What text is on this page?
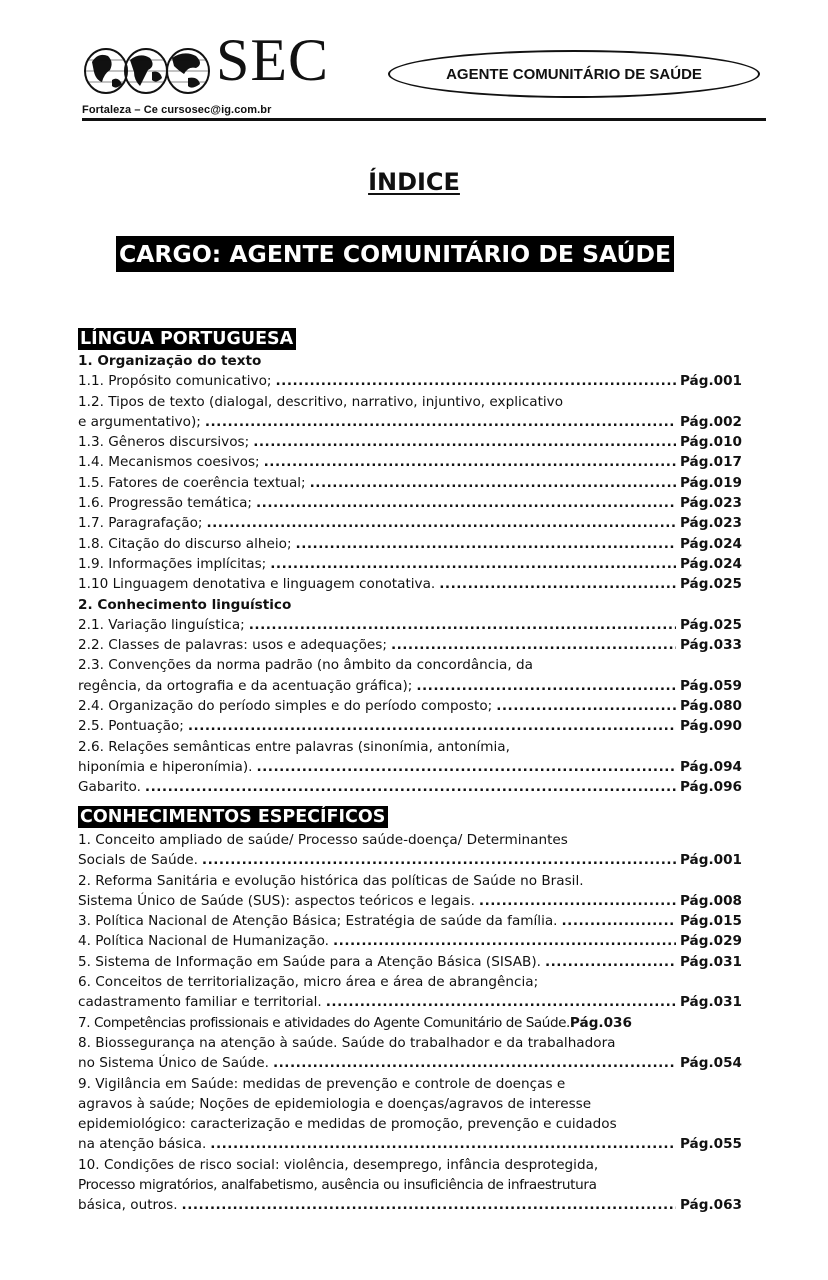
SEC
Fortaleza – Ce cursosec@ig.com.br
AGENTE COMUNITÁRIO DE SAÚDE
ÍNDICE
CARGO: AGENTE COMUNITÁRIO DE SAÚDE
LÍNGUA PORTUGUESA
1. Organização do texto
1.1. Propósito comunicativo; .....	Pág.001
1.2. Tipos de texto (dialogal, descritivo, narrativo, injuntivo, explicativo
e argumentativo); .....	Pág.002
1.3. Gêneros discursivos; .....	Pág.010
1.4. Mecanismos coesivos; .....	Pág.017
1.5. Fatores de coerência textual; .....	Pág.019
1.6. Progressão temática; .....	Pág.023
1.7. Paragrafação; .....	Pág.023
1.8. Citação do discurso alheio; .....	Pág.024
1.9. Informações implícitas; .....	Pág.024
1.10 Linguagem denotativa e linguagem conotativa. .....	Pág.025
2. Conhecimento linguístico
2.1. Variação linguística; .....	Pág.025
2.2. Classes de palavras: usos e adequações; .....	Pág.033
2.3. Convenções da norma padrão (no âmbito da concordância, da
regência, da ortografia e da acentuação gráfica); .....	Pág.059
2.4. Organização do período simples e do período composto; .....	Pág.080
2.5. Pontuação; .....	Pág.090
2.6. Relações semânticas entre palavras (sinonímia, antonímia,
hiponímia e hiperonímia). .....	Pág.094
Gabarito. .....	Pág.096
CONHECIMENTOS ESPECÍFICOS
1. Conceito ampliado de saúde/ Processo saúde-doença/ Determinantes
Socials de Saúde. .....	Pág.001
2. Reforma Sanitária e evolução histórica das políticas de Saúde no Brasil.
Sistema Único de Saúde (SUS): aspectos teóricos e legais. .....	Pág.008
3. Política Nacional de Atenção Básica; Estratégia de saúde da família. .....	Pág.015
4. Política Nacional de Humanização. .....	Pág.029
5. Sistema de Informação em Saúde para a Atenção Básica (SISAB). .....	Pág.031
6. Conceitos de territorialização, micro área e área de abrangência;
cadastramento familiar e territorial. .....	Pág.031
7. Competências profissionais e atividades do Agente Comunitário de Saúde. Pág.036
8. Biossegurança na atenção à saúde. Saúde do trabalhador e da trabalhadora
no Sistema Único de Saúde. .....	Pág.054
9. Vigilância em Saúde: medidas de prevenção e controle de doenças e
agravos à saúde; Noções de epidemiologia e doenças/agravos de interesse
epidemiológico: caracterização e medidas de promoção, prevenção e cuidados
na atenção básica. .....	Pág.055
10. Condições de risco social: violência, desemprego, infância desprotegida,
Processo migratórios, analfabetismo, ausência ou insuficiência de infraestrutura
básica, outros. .....	Pág.063
